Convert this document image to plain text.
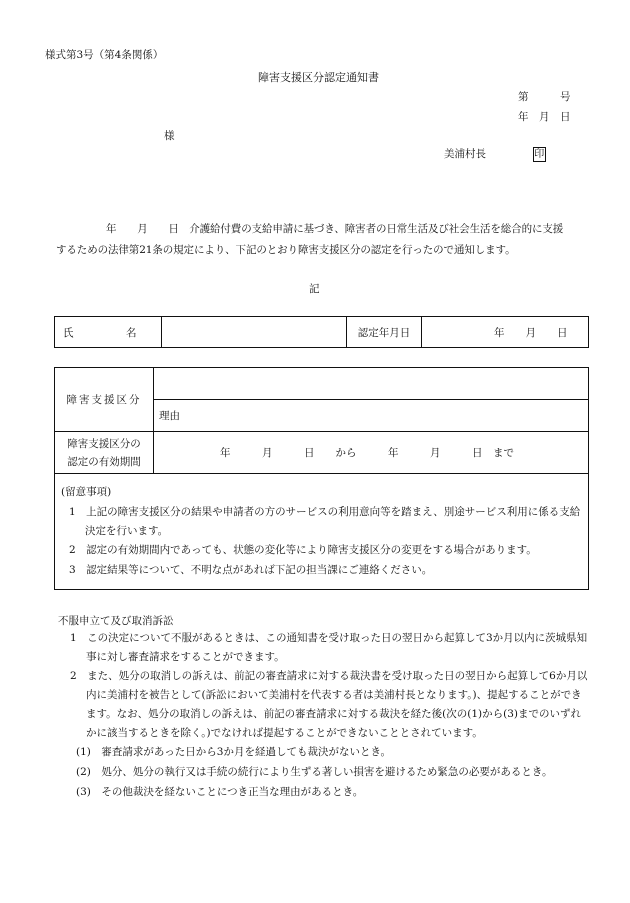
様式第3号（第4条関係）
障害支援区分認定通知書
第　　　号
年　月　日
様
美浦村長	印
年　　月　　日　介護給付費の支給申請に基づき、障害者の日常生活及び社会生活を総合的に支援
するための法律第21条の規定により、下記のとおり障害支援区分の認定を行ったので通知します。
記
氏　　　　　名		認定年月日	年　　月　　日
障害支援区分	
	理由

障害支援区分の
認定の有効期間	年　　　月　　　日　　から　　　年　　　月　　　日　まで
(留意事項)
1　上記の障害支援区分の結果や申請者の方のサービスの利用意向等を踏まえ、別途サービス利用に係る支給決定を行います。
2　認定の有効期間内であっても、状態の変化等により障害支援区分の変更をする場合があります。
3　認定結果等について、不明な点があれば下記の担当課にご連絡ください。
不服申立て及び取消訴訟
1　この決定について不服があるときは、この通知書を受け取った日の翌日から起算して3か月以内に茨城県知事に対し審査請求をすることができます。
2　また、処分の取消しの訴えは、前記の審査請求に対する裁決書を受け取った日の翌日から起算して6か月以内に美浦村を被告として(訴訟において美浦村を代表する者は美浦村長となります。)、提起することができます。なお、処分の取消しの訴えは、前記の審査請求に対する裁決を経た後(次の(1)から(3)までのいずれかに該当するときを除く。)でなければ提起することができないこととされています。
(1)　審査請求があった日から3か月を経過しても裁決がないとき。
(2)　処分、処分の執行又は手続の続行により生ずる著しい損害を避けるため緊急の必要があるとき。
(3)　その他裁決を経ないことにつき正当な理由があるとき。
